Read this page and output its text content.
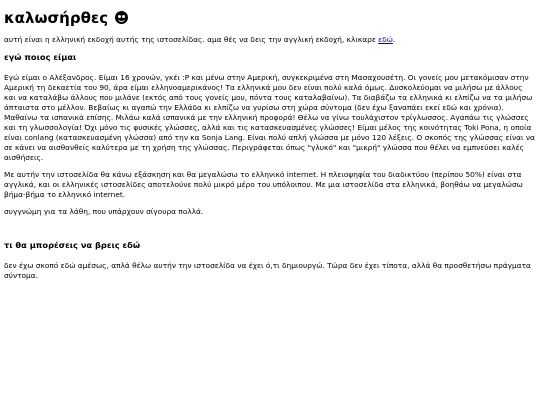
καλωσήρθες

αυτή είναι η ελληνική εκδοχή αυτής της ιστοσελίδας. αμα θές να δεις την αγγλική εκδοχή, κλικαρε εδώ.

εγώ ποιος είμαι

Εγώ είμαι ο Αλέξανδρος. Είμαι 16 χρονών, γκέι :P και μένω στην Αμερική, συγκεκριμένα στη Μασαχουσέτη. Οι γονείς μου μετακόμισαν στην Αμερική τη δεκαετία του 90, άρα είμαι ελληνοαμερικάνος! Τα ελληνικά μου δεν είναι πολύ καλά όμως. Δυσκολεύομαι να μιλήσω με άλλους και να καταλάβω άλλους που μιλάνε (εκτός από τους γονείς μου, πόντα τους καταλαβαίνω). Τα διαβάζω τα ελληνικά κι ελπίζω να τα μιλήσω άπταιστα στο μέλλον. Βεβαίως κι αγαπώ την Ελλάδα κι ελπίζω να γυρίσω στη χώρα σύντομα (δεν έχω ξαναπάει εκεί εδώ και χρόνια). Μαθαίνω τα ισπανικά επίσης. Μιλάω καλά ισπανικά με την ελληνική προφορά! Θέλω να γίνω τουλάχιστον τρίγλωσσος. Αγαπάω τις γλώσσες και τη γλωσσολογία! Όχι μόνο τις φυσικές γλώσσες, αλλά και τις κατασκευασμένες γλώσσες! Είμαι μέλος της κοινότητας Toki Pona, η οποία είναι conlang (κατασκευασμένη γλώσσα) από την κα Sonja Lang. Είναι πολύ απλή γλώσσα με μόνο 120 λέξεις. Ο σκοπός της γλώσσας είναι να σε κάνει να αισθανθείς καλύτερα με τη χρήση της γλώσσας. Περιγράφεται όπως "γλυκό" και "μικρή" γλώσσα που θέλει να εμπνεύσει καλές αισθήσεις.

Με αυτήν την ιστοσελίδα θα κάνω εξάσκηση και θα μεγαλώσω το ελληνικό internet. Η πλειοψηφία του διαδικτύου (περίπου 50%) είναι στα αγγλικά, και οι ελληνικές ιστοσελίδες αποτελούνε πολύ μικρό μέρο του υπόλοιπου. Με μια ιστοσελίδα στα ελληνικά, βοηθάω να μεγαλώσω βήμα-βήμα το ελληνικό internet.

συγγνώμη για τα λάθη, που υπάρχουν σίγουρα πολλά.

τι θα μπορέσεις να βρεις εδώ

δεν έχω σκοπό εδώ αμέσως, απλά θέλω αυτήν την ιστοσελίδα να έχει ό,τι δημιουργώ. Τώρα δεν έχει τίποτα, αλλά θα προσθετήσω πράγματα σύντομα.
